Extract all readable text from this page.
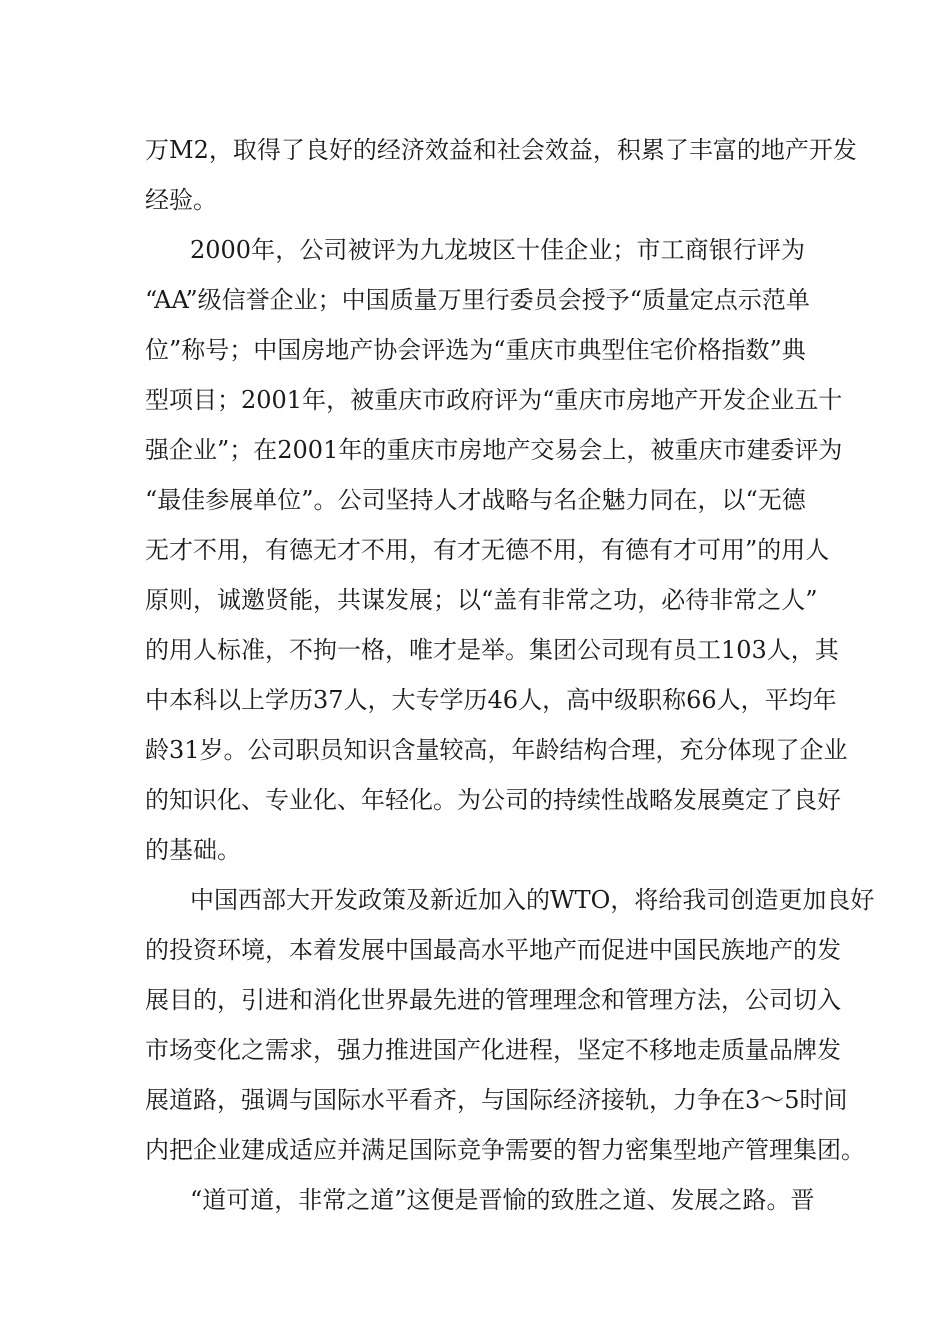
万M2，取得了良好的经济效益和社会效益，积累了丰富的地产开发
经验。
2000年，公司被评为九龙坡区十佳企业；市工商银行评为
“AA”级信誉企业；中国质量万里行委员会授予“质量定点示范单
位”称号；中国房地产协会评选为“重庆市典型住宅价格指数”典
型项目；2001年，被重庆市政府评为“重庆市房地产开发企业五十
强企业”；在2001年的重庆市房地产交易会上，被重庆市建委评为
“最佳参展单位”。公司坚持人才战略与名企魅力同在，以“无德
无才不用，有德无才不用，有才无德不用，有德有才可用”的用人
原则，诚邀贤能，共谋发展；以“盖有非常之功，必待非常之人”
的用人标准，不拘一格，唯才是举。集团公司现有员工103人，其
中本科以上学历37人，大专学历46人，高中级职称66人，平均年
龄31岁。公司职员知识含量较高，年龄结构合理，充分体现了企业
的知识化、专业化、年轻化。为公司的持续性战略发展奠定了良好
的基础。
中国西部大开发政策及新近加入的WTO，将给我司创造更加良好
的投资环境，本着发展中国最高水平地产而促进中国民族地产的发
展目的，引进和消化世界最先进的管理理念和管理方法，公司切入
市场变化之需求，强力推进国产化进程，坚定不移地走质量品牌发
展道路，强调与国际水平看齐，与国际经济接轨，力争在3～5时间
内把企业建成适应并满足国际竞争需要的智力密集型地产管理集团。
“道可道，非常之道”这便是晋愉的致胜之道、发展之路。晋
